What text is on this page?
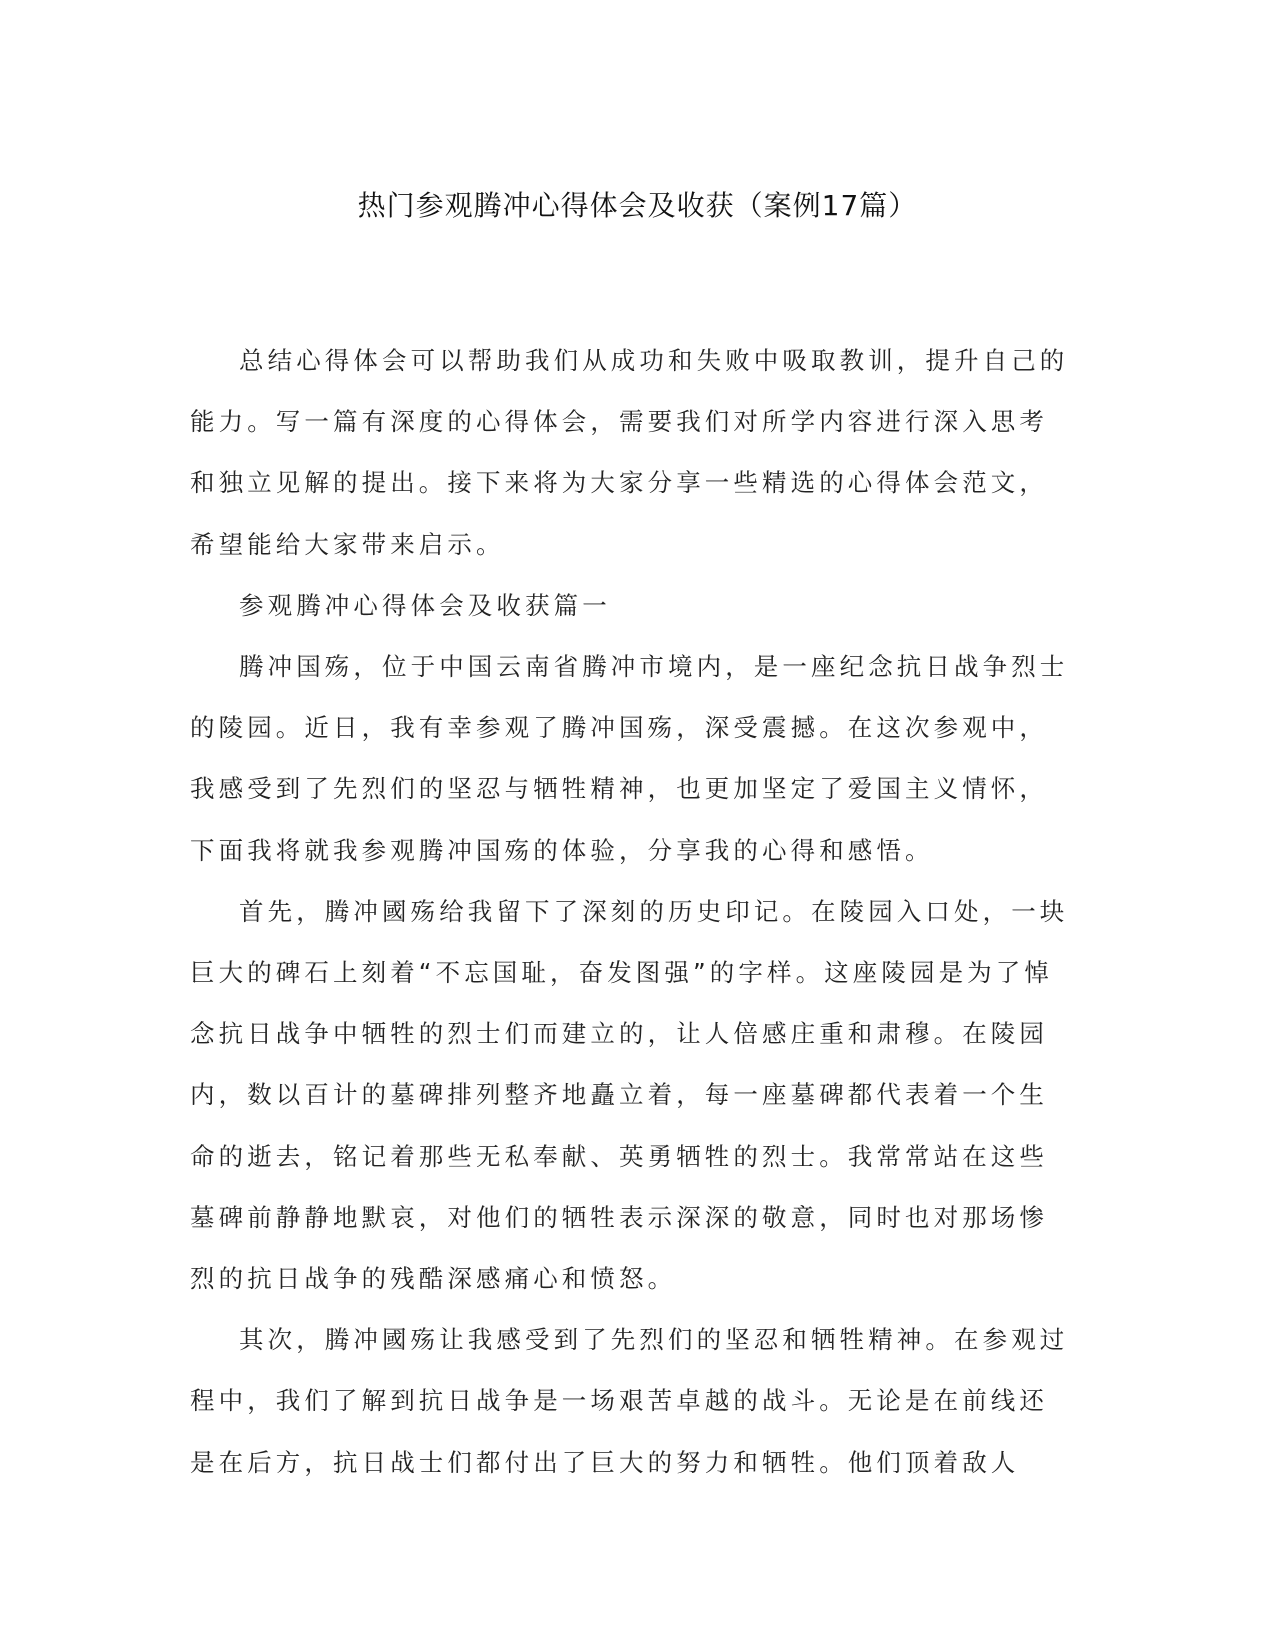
热门参观腾冲心得体会及收获（案例17篇）

总结心得体会可以帮助我们从成功和失败中吸取教训，提升自己的能力。写一篇有深度的心得体会，需要我们对所学内容进行深入思考和独立见解的提出。接下来将为大家分享一些精选的心得体会范文，希望能给大家带来启示。

参观腾冲心得体会及收获篇一

腾冲国殇，位于中国云南省腾冲市境内，是一座纪念抗日战争烈士的陵园。近日，我有幸参观了腾冲国殇，深受震撼。在这次参观中，我感受到了先烈们的坚忍与牺牲精神，也更加坚定了爱国主义情怀，下面我将就我参观腾冲国殇的体验，分享我的心得和感悟。

首先，腾冲國殇给我留下了深刻的历史印记。在陵园入口处，一块巨大的碑石上刻着“不忘国耻，奋发图强”的字样。这座陵园是为了悼念抗日战争中牺牲的烈士们而建立的，让人倍感庄重和肃穆。在陵园内，数以百计的墓碑排列整齐地矗立着，每一座墓碑都代表着一个生命的逝去，铭记着那些无私奉献、英勇牺牲的烈士。我常常站在这些墓碑前静静地默哀，对他们的牺牲表示深深的敬意，同时也对那场惨烈的抗日战争的残酷深感痛心和愤怒。

其次，腾冲國殇让我感受到了先烈们的坚忍和牺牲精神。在参观过程中，我们了解到抗日战争是一场艰苦卓越的战斗。无论是在前线还是在后方，抗日战士们都付出了巨大的努力和牺牲。他们顶着敌人
